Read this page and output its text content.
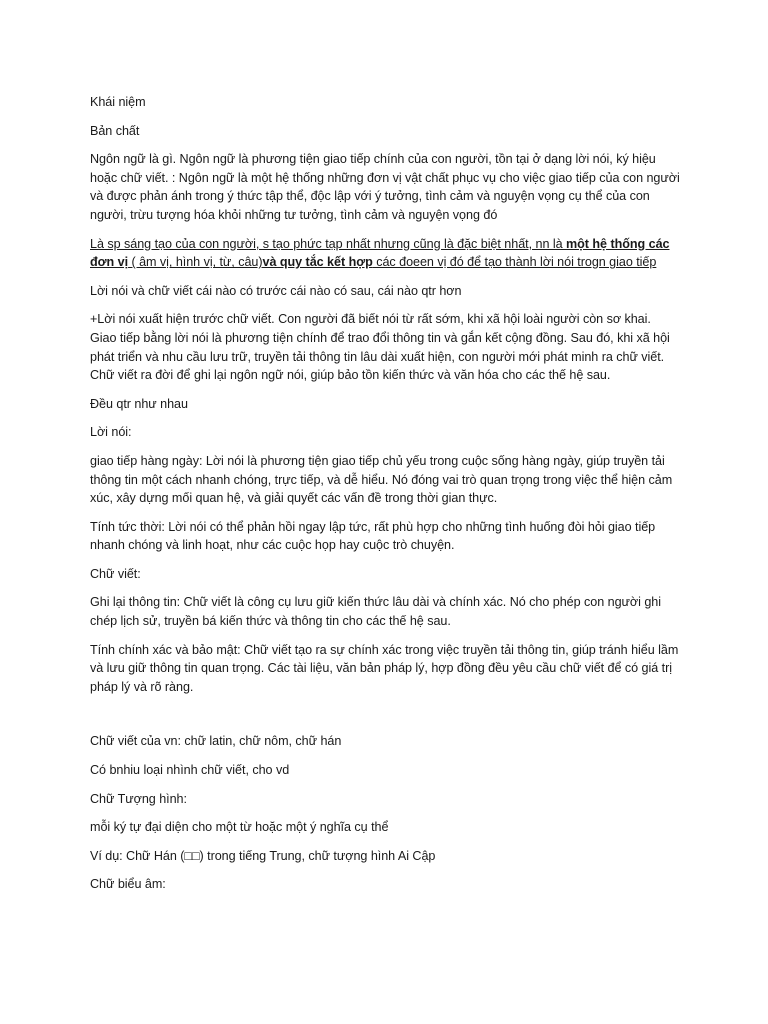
Khái niệm

Bản chất

Ngôn ngữ là gì. Ngôn ngữ là phương tiện giao tiếp chính của con người, tồn tại ở dạng lời nói, ký hiệu hoặc chữ viết. : Ngôn ngữ là một hệ thống những đơn vị vật chất phục vụ cho việc giao tiếp của con người và được phản ánh trong ý thức tập thể, độc lập với ý tưởng, tình cảm và nguyện vọng cụ thể của con người, trừu tượng hóa khỏi những tư tưởng, tình cảm và nguyện vọng đó

Là sp sáng tạo của con người, s tạo phức tạp nhất nhưng cũng là đặc biệt nhất, nn là một hệ thống các đơn vị ( âm vị, hình vị, từ, câu)và quy tắc kết hợp các đoeen vị đó để tạo thành lời nói trogn giao tiếp

Lời nói và chữ viết cái nào có trước cái nào có sau, cái nào qtr hơn

+Lời nói xuất hiện trước chữ viết. Con người đã biết nói từ rất sớm, khi xã hội loài người còn sơ khai. Giao tiếp bằng lời nói là phương tiện chính để trao đổi thông tin và gắn kết cộng đồng. Sau đó, khi xã hội phát triển và nhu cầu lưu trữ, truyền tải thông tin lâu dài xuất hiện, con người mới phát minh ra chữ viết. Chữ viết ra đời để ghi lại ngôn ngữ nói, giúp bảo tồn kiến thức và văn hóa cho các thế hệ sau.

Đều qtr như nhau

Lời nói:

giao tiếp hàng ngày: Lời nói là phương tiện giao tiếp chủ yếu trong cuộc sống hàng ngày, giúp truyền tải thông tin một cách nhanh chóng, trực tiếp, và dễ hiểu. Nó đóng vai trò quan trọng trong việc thể hiện cảm xúc, xây dựng mối quan hệ, và giải quyết các vấn đề trong thời gian thực.

Tính tức thời: Lời nói có thể phản hồi ngay lập tức, rất phù hợp cho những tình huống đòi hỏi giao tiếp nhanh chóng và linh hoạt, như các cuộc họp hay cuộc trò chuyện.

Chữ viết:

Ghi lại thông tin: Chữ viết là công cụ lưu giữ kiến thức lâu dài và chính xác. Nó cho phép con người ghi chép lịch sử, truyền bá kiến thức và thông tin cho các thế hệ sau.

Tính chính xác và bảo mật: Chữ viết tạo ra sự chính xác trong việc truyền tải thông tin, giúp tránh hiểu lầm và lưu giữ thông tin quan trọng. Các tài liệu, văn bản pháp lý, hợp đồng đều yêu cầu chữ viết để có giá trị pháp lý và rõ ràng.

Chữ viết của vn: chữ latin, chữ nôm, chữ hán

Có bnhiu loại nhình chữ viết, cho vd

Chữ Tượng hình:

mỗi ký tự đại diện cho một từ hoặc một ý nghĩa cụ thể

Ví dụ: Chữ Hán (□□) trong tiếng Trung, chữ tượng hình Ai Cập

Chữ biểu âm:
